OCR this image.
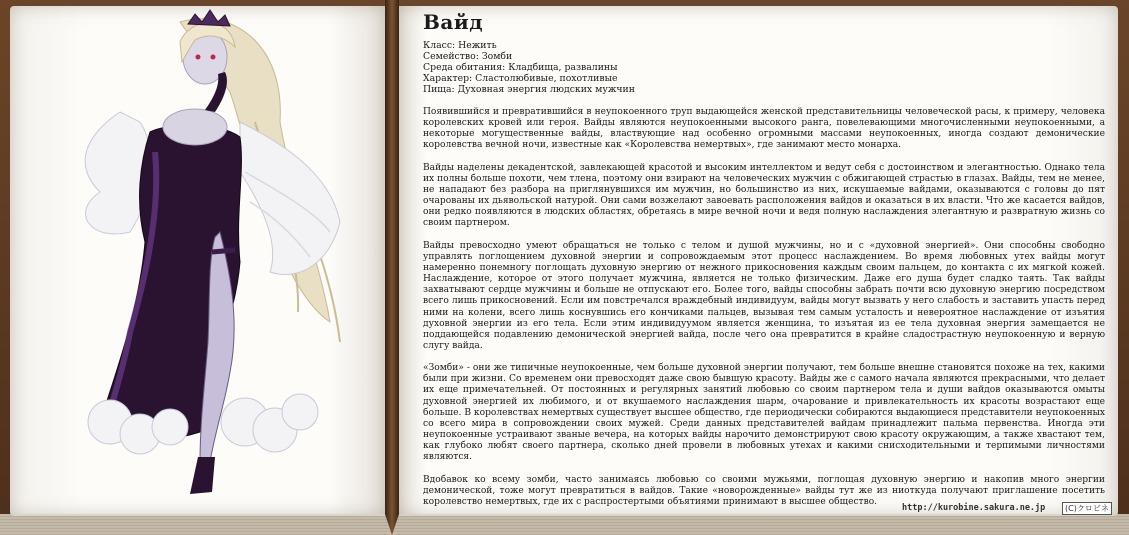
Вайд
Класс: Нежить
Семейство: Зомби
Среда обитания: Кладбища, развалины
Характер: Сластолюбивые, похотливые
Пища: Духовная энергия людских мужчин

Появившийся и превратившийся в неупокоенного труп выдающейся женской представительницы человеческой расы, к примеру, человека королевских кровей или героя. Вайды являются неупокоенными высокого ранга, повелевающими многочисленными неупокоенными, а некоторые могущественные вайды, властвующие над особенно огромными массами неупокоенных, иногда создают демонические королевства вечной ночи, известные как «Королевства немертвых», где занимают место монарха.

Вайды наделены декадентской, завлекающей красотой и высоким интеллектом и ведут себя с достоинством и элегантностью. Однако тела их полны больше похоти, чем тлена, поэтому они взирают на человеческих мужчин с обжигающей страстью в глазах. Вайды, тем не менее, не нападают без разбора на приглянувшихся им мужчин, но большинство из них, искушаемые вайдами, оказываются с головы до пят очарованы их дьявольской натурой. Они сами возжелают завоевать расположения вайдов и оказаться в их власти. Что же касается вайдов, они редко появляются в людских областях, обретаясь в мире вечной ночи и ведя полную наслаждения элегантную и развратную жизнь со своим партнером.

Вайды превосходно умеют обращаться не только с телом и душой мужчины, но и с «духовной энергией». Они способны свободно управлять поглощением духовной энергии и сопровождаемым этот процесс наслаждением. Во время любовных утех вайды могут намеренно понемногу поглощать духовную энергию от нежного прикосновения каждым своим пальцем, до контакта с их мягкой кожей. Наслаждение, которое от этого получает мужчина, является не только физическим. Даже его душа будет сладко таять. Так вайды захватывают сердце мужчины и больше не отпускают его. Более того, вайды способны забрать почти всю духовную энергию посредством всего лишь прикосновений. Если им повстречался враждебный индивидуум, вайды могут вызвать у него слабость и заставить упасть перед ними на колени, всего лишь коснувшись его кончиками пальцев, вызывая тем самым усталость и невероятное наслаждение от изъятия духовной энергии из его тела. Если этим индивидуумом является женщина, то изъятая из ее тела духовная энергия замещается не поддающейся подавлению демонической энергией вайда, после чего она превратится в крайне сладострастную неупокоенную и верную слугу вайда.

«Зомби» - они же типичные неупокоенные, чем больше духовной энергии получают, тем больше внешне становятся похоже на тех, какими были при жизни. Со временем они превосходят даже свою бывшую красоту. Вайды же с самого начала являются прекрасными, что делает их еще примечательней. От постоянных и регулярных занятий любовью со своим партнером тела и души вайдов оказываются омыты духовной энергией их любимого, и от вкушаемого наслаждения шарм, очарование и привлекательность их красоты возрастают еще больше. В королевствах немертвых существует высшее общество, где периодически собираются выдающиеся представители неупокоенных со всего мира в сопровождении своих мужей. Среди данных представителей вайдам принадлежит пальма первенства. Иногда эти неупокоенные устраивают званые вечера, на которых вайды нарочито демонстрируют свою красоту окружающим, а также хвастают тем, как глубоко любят своего партнера, сколько дней провели в любовных утехах и какими снисходительными и терпимыми личностями являются.

Вдобавок ко всему зомби, часто занимаясь любовью со своими мужьями, поглощая духовную энергию и накопив много энергии демонической, тоже могут превратиться в вайдов. Такие «новорожденные» вайды тут же из ниоткуда получают приглашение посетить королевство немертвых, где их с распростертыми объятиями принимают в высшее общество.

http://kurobine.sakura.ne.jp	(C)クロビネ
